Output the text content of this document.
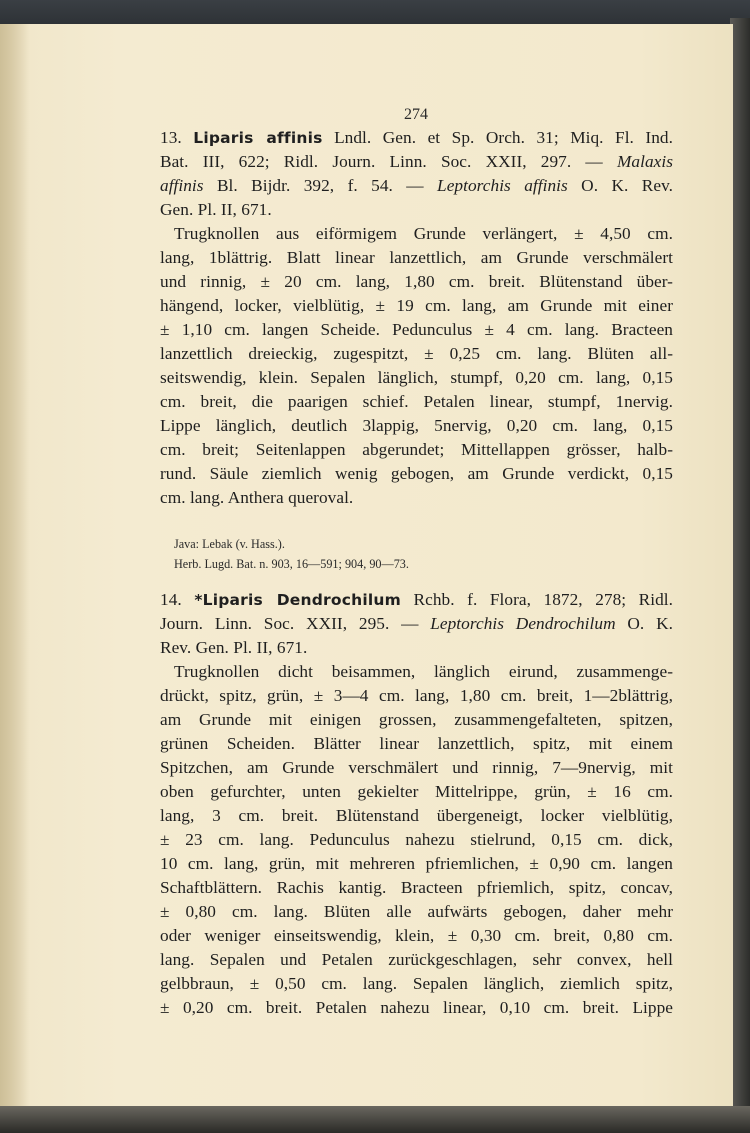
274
13. Liparis affinis Lndl. Gen. et Sp. Orch. 31; Miq. Fl. Ind.
Bat. III, 622; Ridl. Journ. Linn. Soc. XXII, 297. — Malaxis
affinis Bl. Bijdr. 392, f. 54. — Leptorchis affinis O. K. Rev.
Gen. Pl. II, 671.
Trugknollen aus eiförmigem Grunde verlängert, ± 4,50 cm.
lang, 1blättrig. Blatt linear lanzettlich, am Grunde verschmälert
und rinnig, ± 20 cm. lang, 1,80 cm. breit. Blütenstand über-
hängend, locker, vielblütig, ± 19 cm. lang, am Grunde mit einer
± 1,10 cm. langen Scheide. Pedunculus ± 4 cm. lang. Bracteen
lanzettlich dreieckig, zugespitzt, ± 0,25 cm. lang. Blüten all-
seitswendig, klein. Sepalen länglich, stumpf, 0,20 cm. lang, 0,15
cm. breit, die paarigen schief. Petalen linear, stumpf, 1nervig.
Lippe länglich, deutlich 3lappig, 5nervig, 0,20 cm. lang, 0,15
cm. breit; Seitenlappen abgerundet; Mittellappen grösser, halb-
rund. Säule ziemlich wenig gebogen, am Grunde verdickt, 0,15
cm. lang. Anthera queroval.
Java: Lebak (v. Hass.).
Herb. Lugd. Bat. n. 903, 16—591; 904, 90—73.
14. *Liparis Dendrochilum Rchb. f. Flora, 1872, 278; Ridl.
Journ. Linn. Soc. XXII, 295. — Leptorchis Dendrochilum O. K.
Rev. Gen. Pl. II, 671.
Trugknollen dicht beisammen, länglich eirund, zusammenge-
drückt, spitz, grün, ± 3—4 cm. lang, 1,80 cm. breit, 1—2blättrig,
am Grunde mit einigen grossen, zusammengefalteten, spitzen,
grünen Scheiden. Blätter linear lanzettlich, spitz, mit einem
Spitzchen, am Grunde verschmälert und rinnig, 7—9nervig, mit
oben gefurchter, unten gekielter Mittelrippe, grün, ± 16 cm.
lang, 3 cm. breit. Blütenstand übergeneigt, locker vielblütig,
± 23 cm. lang. Pedunculus nahezu stielrund, 0,15 cm. dick,
10 cm. lang, grün, mit mehreren pfriemlichen, ± 0,90 cm. langen
Schaftblättern. Rachis kantig. Bracteen pfriemlich, spitz, concav,
± 0,80 cm. lang. Blüten alle aufwärts gebogen, daher mehr
oder weniger einseitswendig, klein, ± 0,30 cm. breit, 0,80 cm.
lang. Sepalen und Petalen zurückgeschlagen, sehr convex, hell
gelbbraun, ± 0,50 cm. lang. Sepalen länglich, ziemlich spitz,
± 0,20 cm. breit. Petalen nahezu linear, 0,10 cm. breit. Lippe
